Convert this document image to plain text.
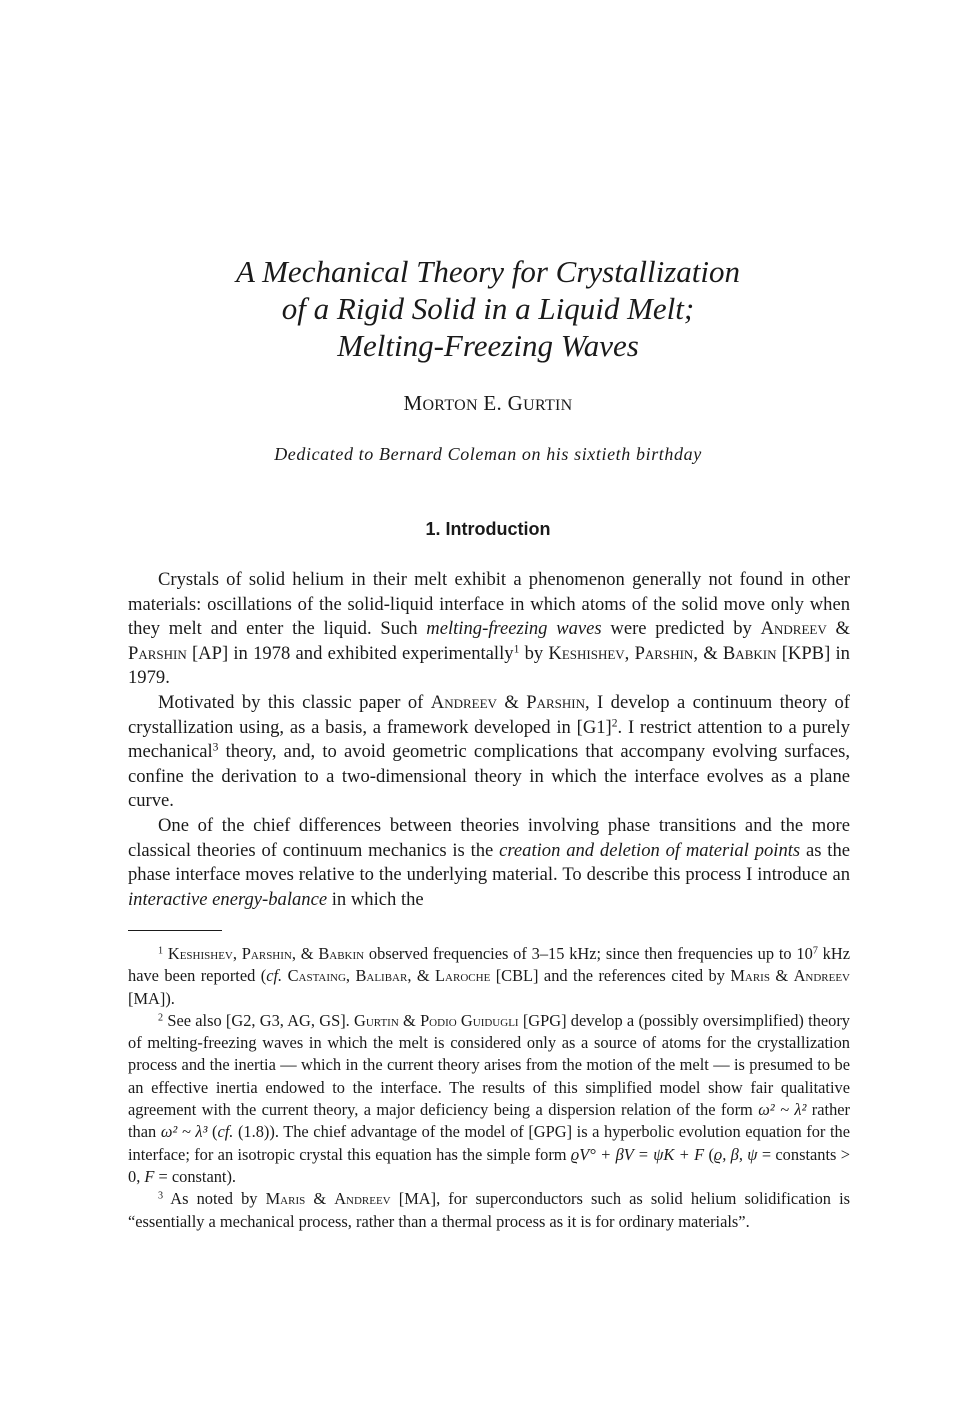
A Mechanical Theory for Crystallization
of a Rigid Solid in a Liquid Melt;
Melting-Freezing Waves
MORTON E. GURTIN
Dedicated to Bernard Coleman on his sixtieth birthday
1. Introduction

Crystals of solid helium in their melt exhibit a phenomenon generally not found in other materials: oscillations of the solid-liquid interface in which atoms of the solid move only when they melt and enter the liquid. Such melting-freezing waves were predicted by Andreev & Parshin [AP] in 1978 and exhibited experimentally$^1$ by Keshishev, Parshin, & Babkin [KPB] in 1979.

Motivated by this classic paper of Andreev & Parshin, I develop a continuum theory of crystallization using, as a basis, a framework developed in $[G1]^2$. I restrict attention to a purely mechanical$^3$ theory, and, to avoid geometric complications that accompany evolving surfaces, confine the derivation to a two-dimensional theory in which the interface evolves as a plane curve.

One of the chief differences between theories involving phase transitions and the more classical theories of continuum mechanics is the creation and deletion of material points as the phase interface moves relative to the underlying material. To describe this process I introduce an interactive energy-balance in which the

$^1$ Keshishev, Parshin, & Babkin observed frequencies of 3–15 kHz; since then frequencies up to $10^7$ kHz have been reported (cf. Castaing, Balibar, & Laroche [CBL] and the references cited by Maris & Andreev [MA]).

$^2$ See also [G2, G3, AG, GS]. Gurtin & Podio Guidugli [GPG] develop a (possibly oversimplified) theory of melting-freezing waves in which the melt is considered only as a source of atoms for the crystallization process and the inertia — which in the current theory arises from the motion of the melt — is presumed to be an effective inertia endowed to the interface. The results of this simplified model show fair qualitative agreement with the current theory, a major deficiency being a dispersion relation of the form ω² ~ λ² rather than ω² ~ λ³ (cf. (1.8)). The chief advantage of the model of [GPG] is a hyperbolic evolution equation for the interface; for an isotropic crystal this equation has the simple form ϱV° + βV = ψK + F (ϱ, β, ψ = constants > 0, F = constant).

$^3$ As noted by Maris & Andreev [MA], for superconductors such as solid helium solidification is “essentially a mechanical process, rather than a thermal process as it is for ordinary materials”.
